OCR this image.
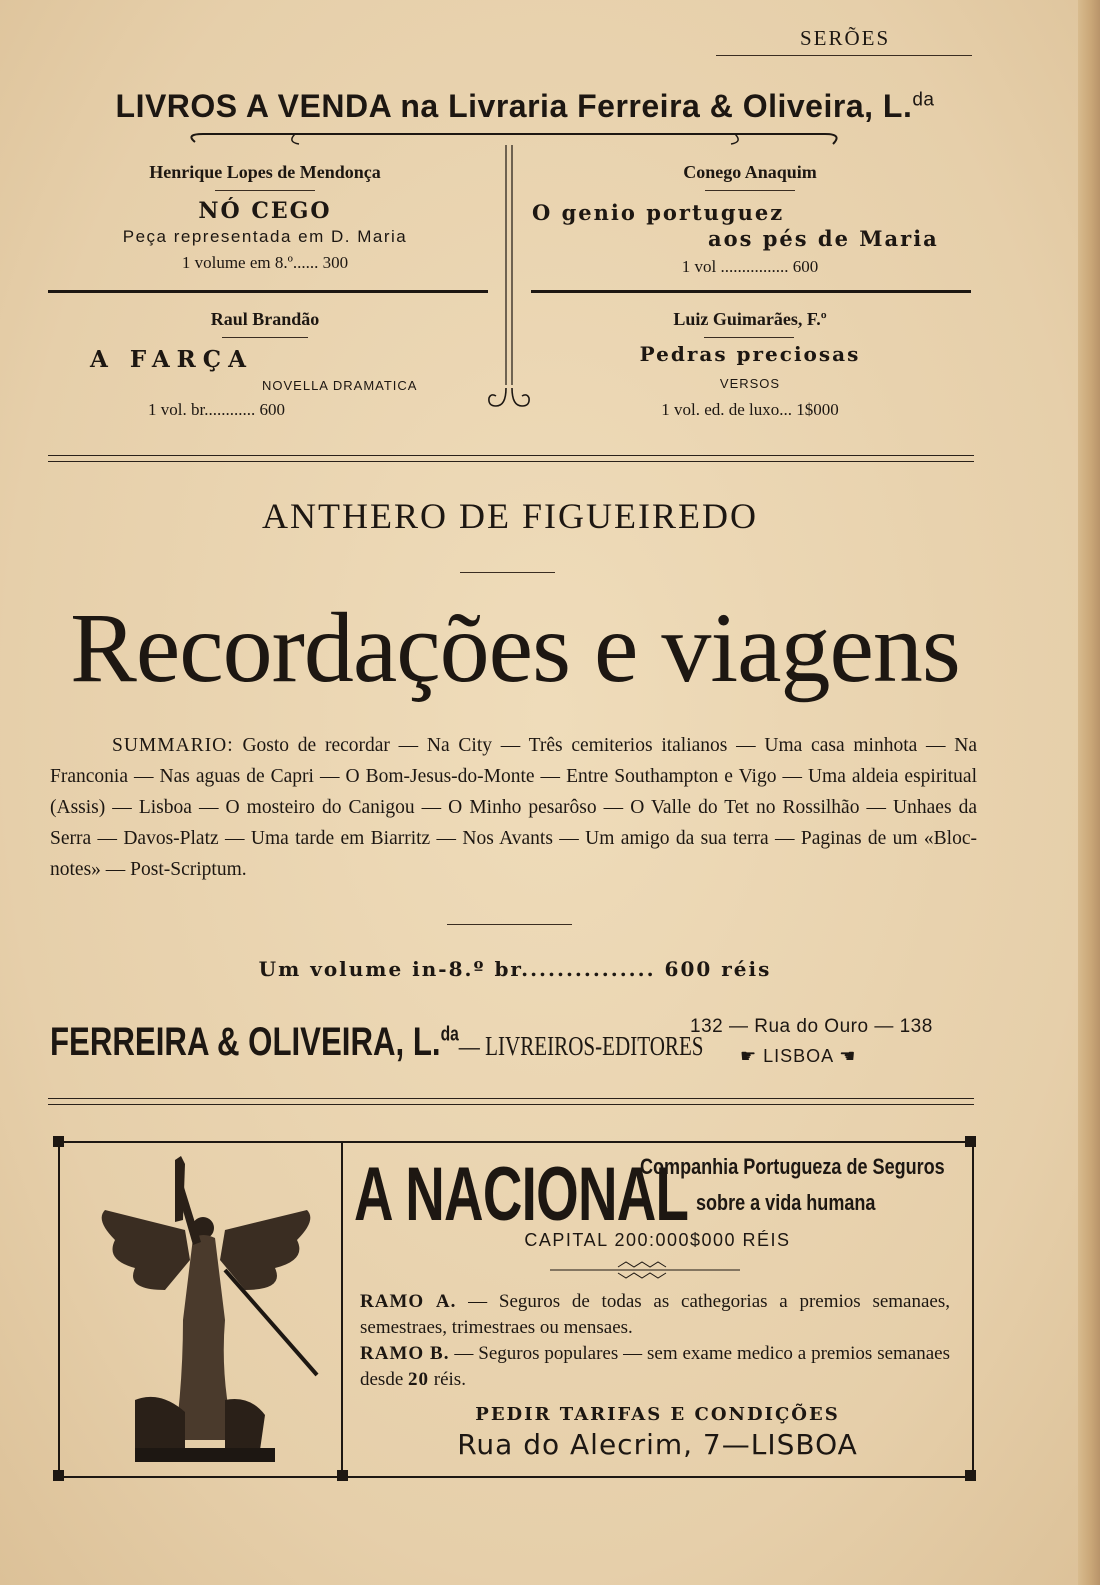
SERÕES
LIVROS A VENDA na Livraria Ferreira & Oliveira, L.$^{da}$
Henrique Lopes de Mendonça
NÓ CEGO
Peça representada em D. Maria
1 volume em 8.º...... 300
Conego Anaquim
O genio portuguez
aos pés de Maria
1 vol ................ 600
Raul Brandão
A FARÇA
NOVELLA DRAMATICA
1 vol. br............ 600
Luiz Guimarães, F.º
Pedras preciosas
VERSOS
1 vol. ed. de luxo... 1$000
ANTHERO DE FIGUEIREDO
Recordações e viagens
SUMMARIO: Gosto de recordar — Na City — Três cemiterios italianos — Uma casa minhota — Na Franconia — Nas aguas de Capri — O Bom-Jesus-do-Monte — Entre Southampton e Vigo — Uma aldeia espiritual (Assis) — Lisboa — O mosteiro do Canigou — O Minho pesarôso — O Valle do Tet no Rossilhão — Unhaes da Serra — Davos-Platz — Uma tarde em Biarritz — Nos Avants — Um amigo da sua terra — Paginas de um «Bloc-notes» — Post-Scriptum.
Um volume in-8.º br............... 600 réis
FERREIRA & OLIVEIRA, L.$^{da}$— LIVREIROS-EDITORES
132 — Rua do Ouro — 138
☛ LISBOA ☚
A NACIONAL
Companhia Portugueza de Seguros
sobre a vida humana
CAPITAL 200:000$000 RÉIS
RAMO A. — Seguros de todas as cathegorias a premios semanaes, semestraes, trimestraes ou mensaes.
RAMO B. — Seguros populares — sem exame medico a premios semanaes desde 20 réis.
PEDIR TARIFAS E CONDIÇÕES
Rua do Alecrim, 7—LISBOA
